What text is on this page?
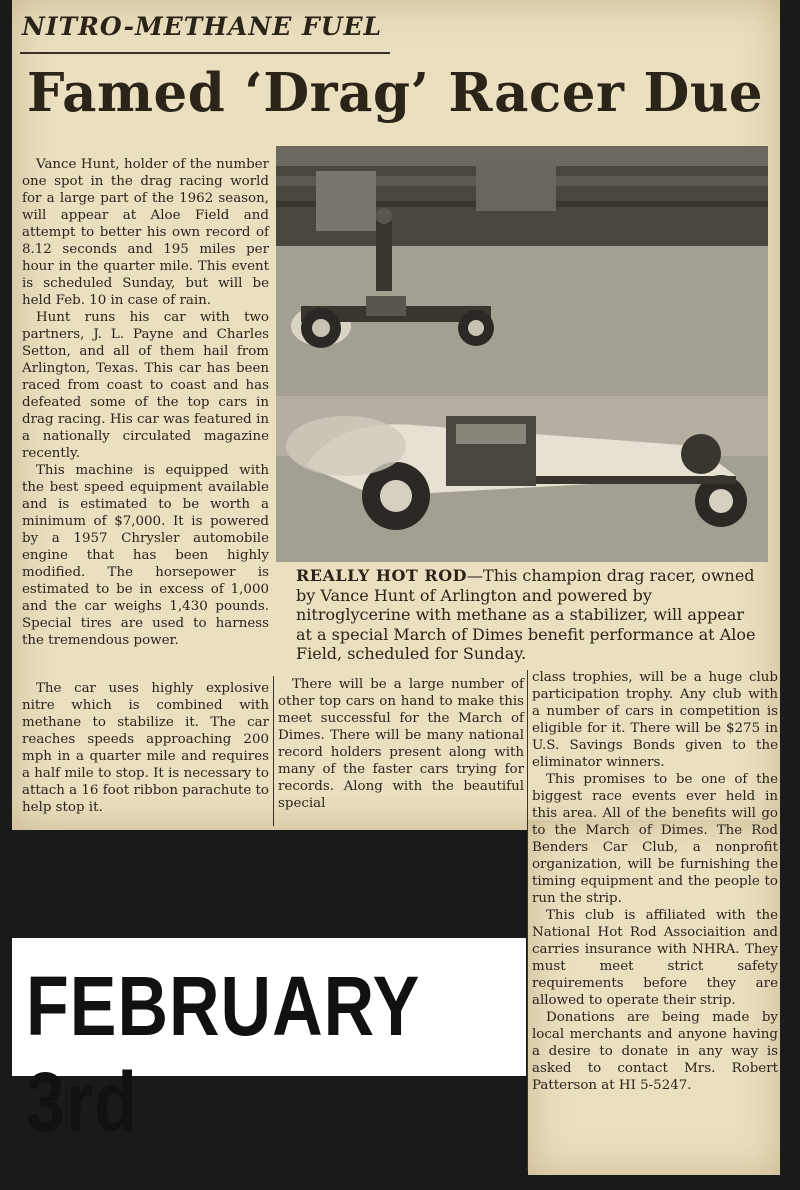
NITRO-METHANE FUEL
Famed ‘Drag’ Racer Due

Vance Hunt, holder of the number one spot in the drag racing world for a large part of the 1962 season, will appear at Aloe Field and attempt to better his own record of 8.12 seconds and 195 miles per hour in the quarter mile. This event is scheduled Sunday, but will be held Feb. 10 in case of rain.

Hunt runs his car with two partners, J. L. Payne and Charles Setton, and all of them hail from Arlington, Texas. This car has been raced from coast to coast and has defeated some of the top cars in drag racing. His car was featured in a nationally circulated magazine recently.

This machine is equipped with the best speed equipment available and is estimated to be worth a minimum of $7,000. It is powered by a 1957 Chrysler automobile engine that has been highly modified. The horsepower is estimated to be in excess of 1,000 and the car weighs 1,430 pounds. Special tires are used to harness the tremendous power.

The car uses highly explosive nitre which is combined with methane to stabilize it. The car reaches speeds approaching 200 mph in a quarter mile and requires a half mile to stop. It is necessary to attach a 16 foot ribbon parachute to help stop it.

There will be a large number of other top cars on hand to make this meet successful for the March of Dimes. There will be many national record holders present along with many of the faster cars trying for records. Along with the beautiful special

class trophies, will be a huge club participation trophy. Any club with a number of cars in competition is eligible for it. There will be $275 in U.S. Savings Bonds given to the eliminator winners.

This promises to be one of the biggest race events ever held in this area. All of the benefits will go to the March of Dimes. The Rod Benders Car Club, a nonprofit organization, will be furnishing the timing equipment and the people to run the strip.

This club is affiliated with the National Hot Rod Associaition and carries insurance with NHRA. They must meet strict safety requirements before they are allowed to operate their strip.

Donations are being made by local merchants and anyone having a desire to donate in any way is asked to contact Mrs. Robert Patterson at HI 5-5247.

REALLY HOT ROD—This champion drag racer, owned by Vance Hunt of Arlington and powered by nitroglycerine with methane as a stabilizer, will appear at a special March of Dimes benefit performance at Aloe Field, scheduled for Sunday.
FEBRUARY 3rd
